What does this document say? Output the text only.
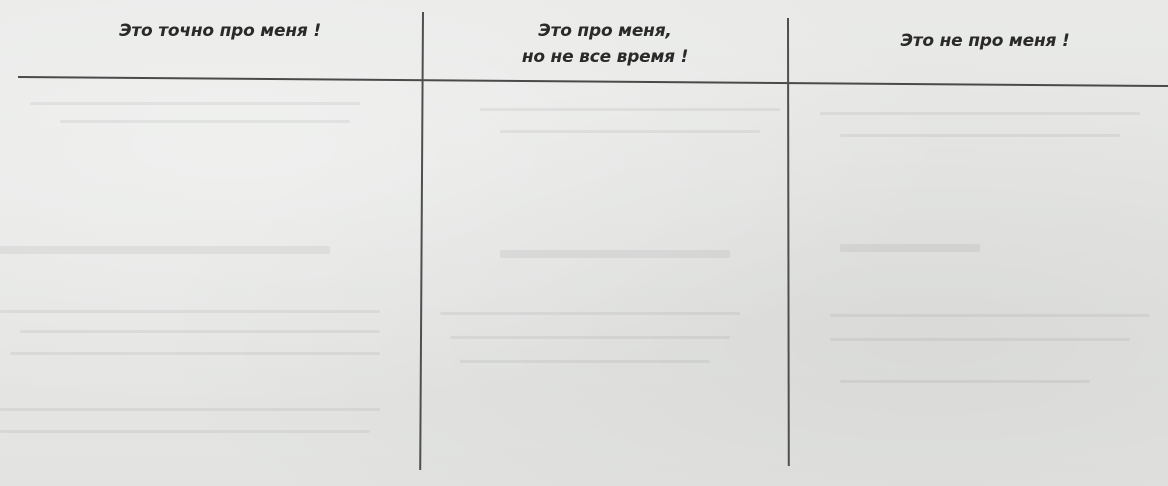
Это точно про меня !	Это про меня,
но не все время !
Это не про меня !
